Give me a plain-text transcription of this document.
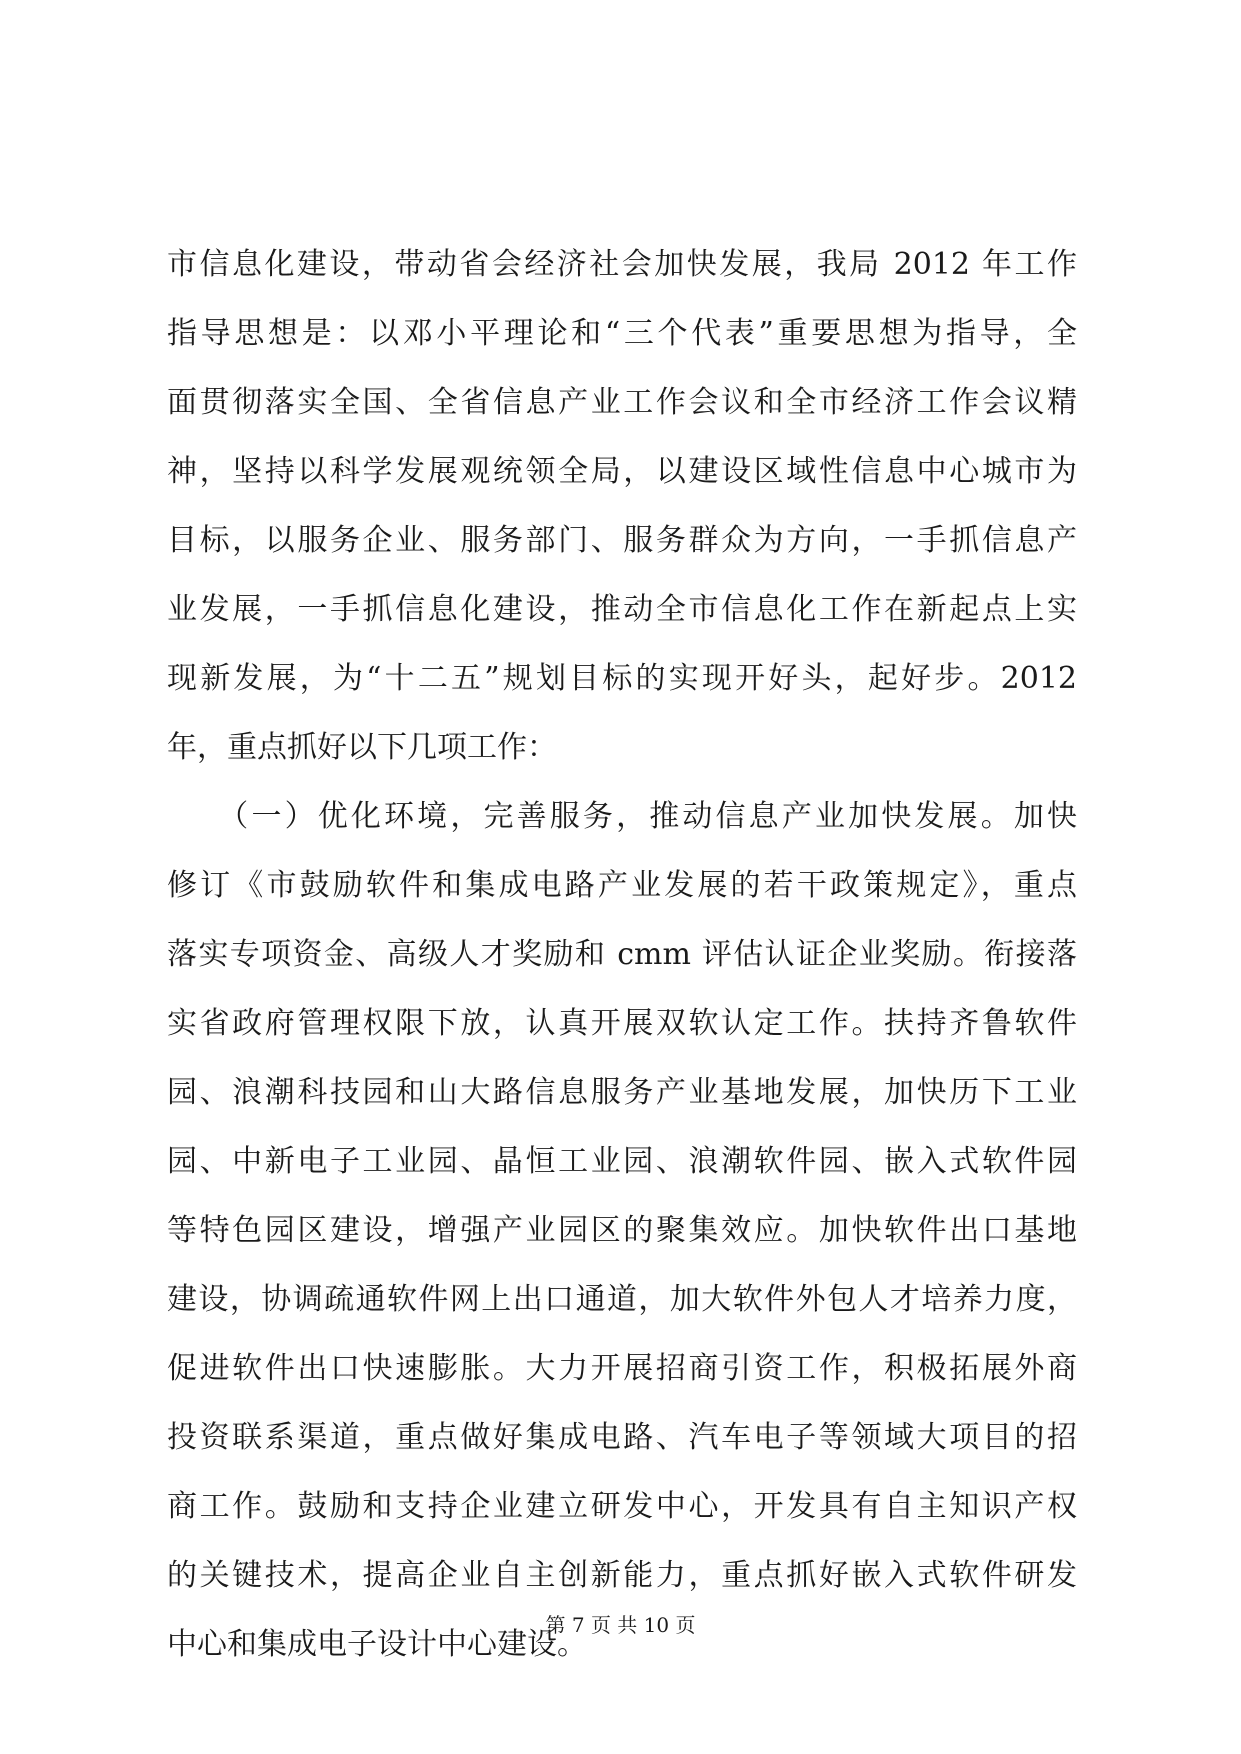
市信息化建设，带动省会经济社会加快发展，我局 2012 年工作
指导思想是：以邓小平理论和“三个代表”重要思想为指导，全
面贯彻落实全国、全省信息产业工作会议和全市经济工作会议精
神，坚持以科学发展观统领全局，以建设区域性信息中心城市为
目标，以服务企业、服务部门、服务群众为方向，一手抓信息产
业发展，一手抓信息化建设，推动全市信息化工作在新起点上实
现新发展，为“十二五”规划目标的实现开好头，起好步。2012
年，重点抓好以下几项工作：
　　（一）优化环境，完善服务，推动信息产业加快发展。加快
修订《市鼓励软件和集成电路产业发展的若干政策规定》，重点
落实专项资金、高级人才奖励和 cmm 评估认证企业奖励。衔接落
实省政府管理权限下放，认真开展双软认定工作。扶持齐鲁软件
园、浪潮科技园和山大路信息服务产业基地发展，加快历下工业
园、中新电子工业园、晶恒工业园、浪潮软件园、嵌入式软件园
等特色园区建设，增强产业园区的聚集效应。加快软件出口基地
建设，协调疏通软件网上出口通道，加大软件外包人才培养力度，
促进软件出口快速膨胀。大力开展招商引资工作，积极拓展外商
投资联系渠道，重点做好集成电路、汽车电子等领域大项目的招
商工作。鼓励和支持企业建立研发中心，开发具有自主知识产权
的关键技术，提高企业自主创新能力，重点抓好嵌入式软件研发
中心和集成电子设计中心建设。
第 7 页 共 10 页
